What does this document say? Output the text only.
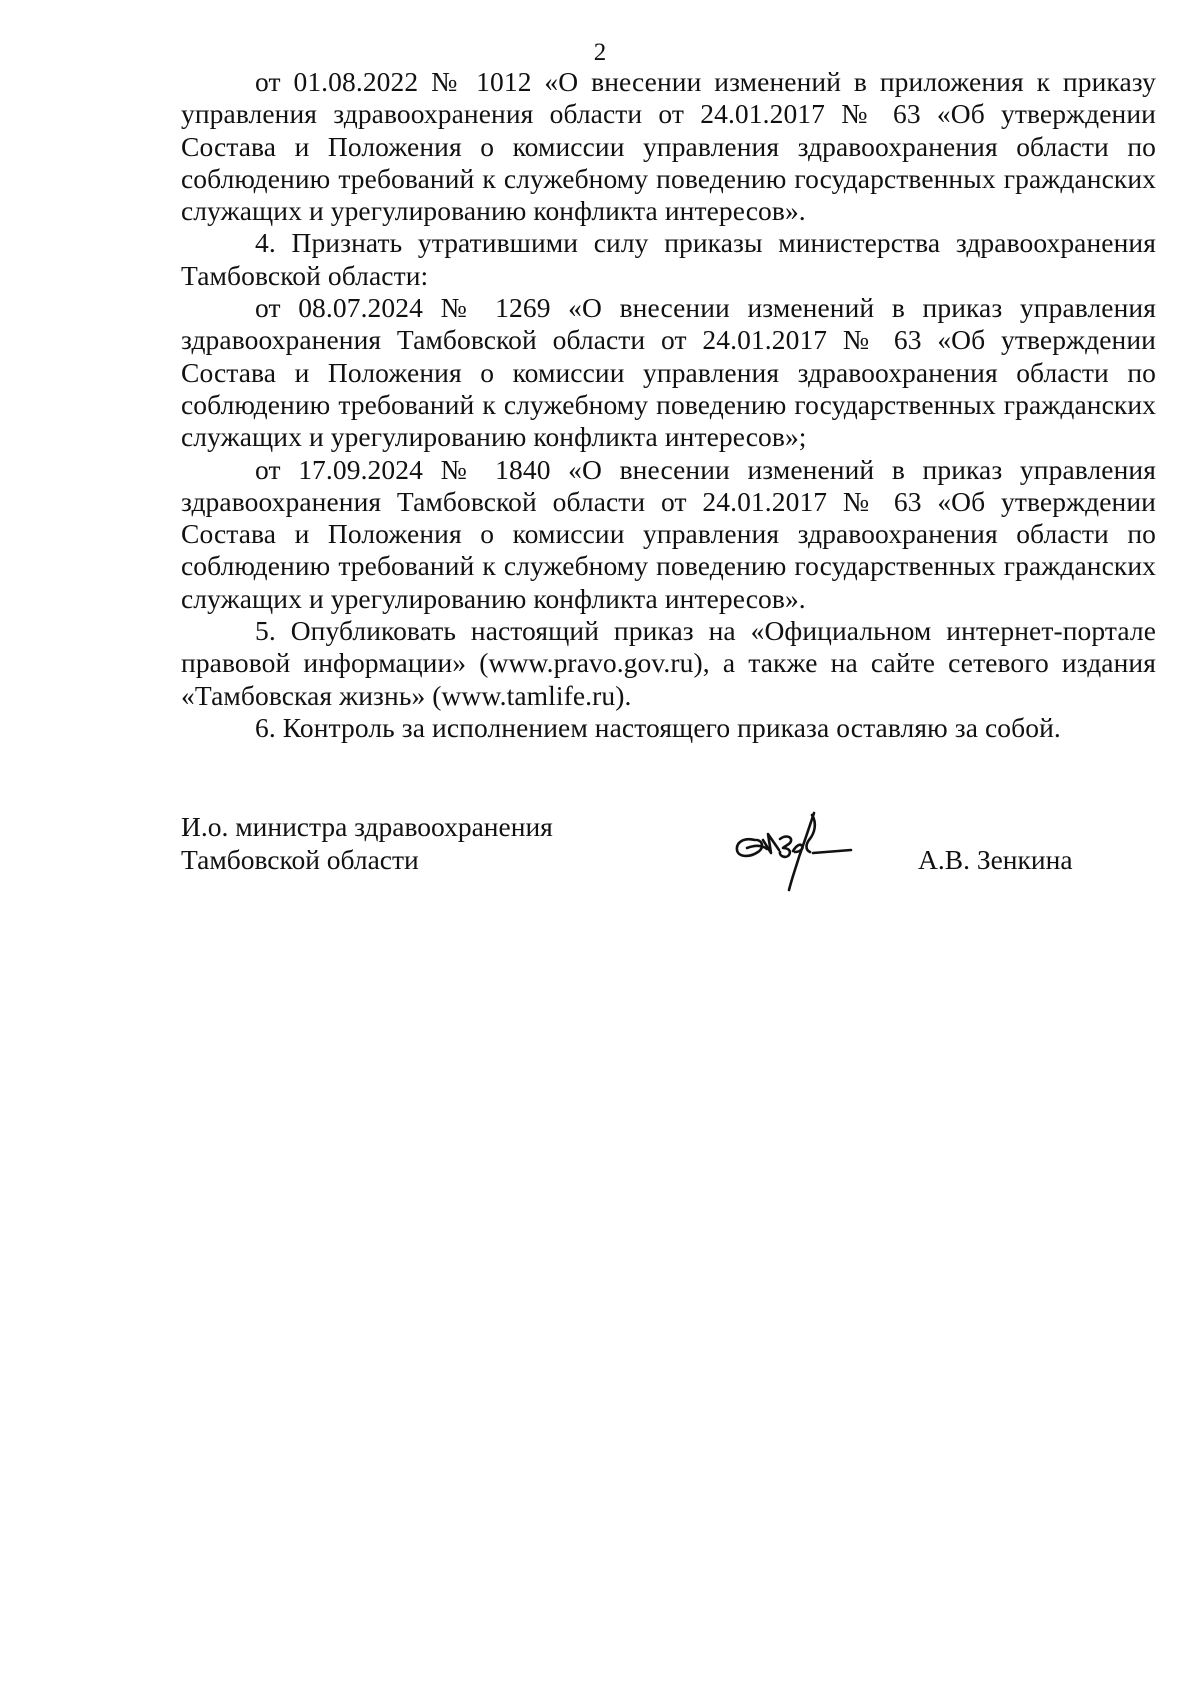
2

от 01.08.2022 № 1012 «О внесении изменений в приложения к приказу управления здравоохранения области от 24.01.2017 № 63 «Об утверждении Состава и Положения о комиссии управления здравоохранения области по соблюдению требований к служебному поведению государственных гражданских служащих и урегулированию конфликта интересов».

4. Признать утратившими силу приказы министерства здравоохранения Тамбовской области:

от 08.07.2024 № 1269 «О внесении изменений в приказ управления здравоохранения Тамбовской области от 24.01.2017 № 63 «Об утверждении Состава и Положения о комиссии управления здравоохранения области по соблюдению требований к служебному поведению государственных гражданских служащих и урегулированию конфликта интересов»;

от 17.09.2024 № 1840 «О внесении изменений в приказ управления здравоохранения Тамбовской области от 24.01.2017 № 63 «Об утверждении Состава и Положения о комиссии управления здравоохранения области по соблюдению требований к служебному поведению государственных гражданских служащих и урегулированию конфликта интересов».

5. Опубликовать настоящий приказ на «Официальном интернет-портале правовой информации» (www.pravo.gov.ru), а также на сайте сетевого издания «Тамбовская жизнь» (www.tamlife.ru).

6. Контроль за исполнением настоящего приказа оставляю за собой.

И.о. министра здравоохранения
Тамбовской области	А.В. Зенкина
